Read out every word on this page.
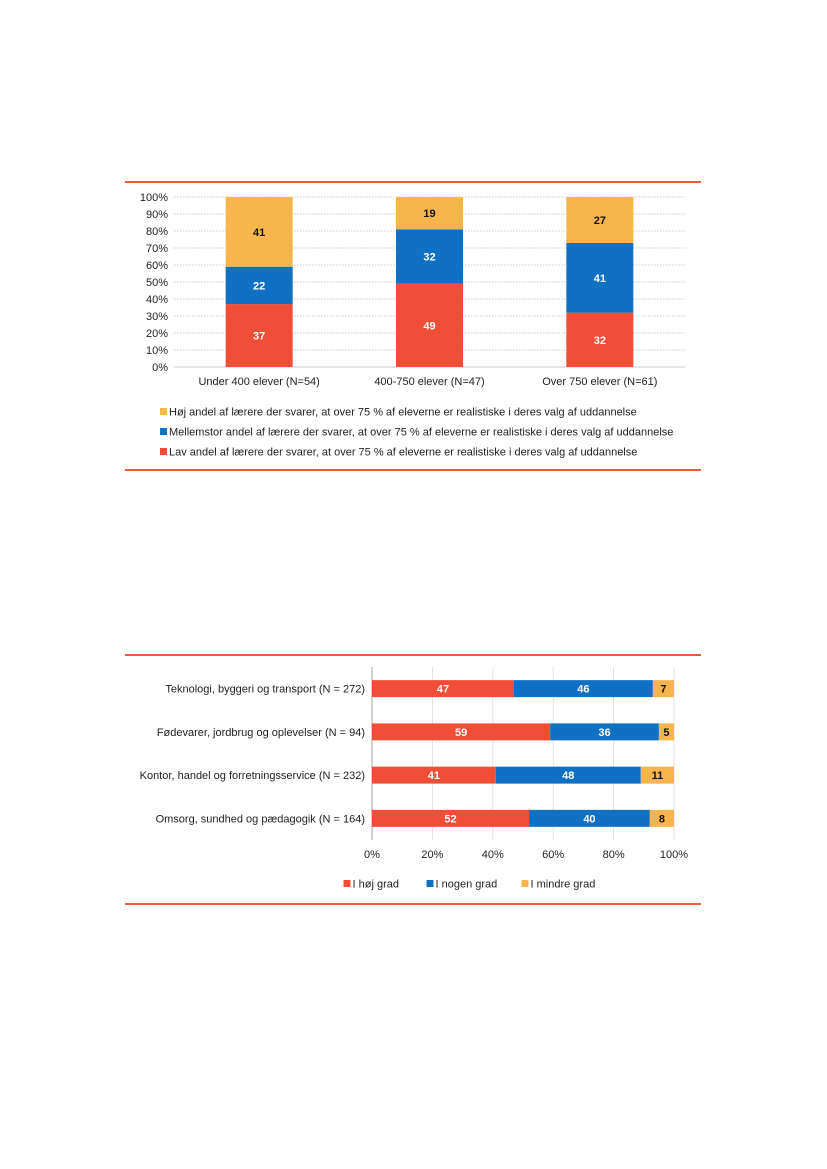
0%
10%
20%
30%
40%
50%
60%
70%
80%
90%
100%
37
22
41
Under 400 elever (N=54)
49
32
19
400-750 elever (N=47)
32
41
27
Over 750 elever (N=61)
Høj andel af lærere der svarer, at over 75 % af eleverne er realistiske i deres valg af uddannelse
Mellemstor andel af lærere der svarer, at over 75 % af eleverne er realistiske i deres valg af uddannelse
Lav andel af lærere der svarer, at over 75 % af eleverne er realistiske i deres valg af uddannelse
0%	20%	40%	60%	80%	100%
47	46	7
Teknologi, byggeri og transport (N = 272)
59	36	5
Fødevarer, jordbrug og oplevelser (N = 94)
41	48	11
Kontor, handel og forretningsservice (N = 232)
52	40	8
Omsorg, sundhed og pædagogik (N = 164)
I høj grad	I nogen grad	I mindre grad
